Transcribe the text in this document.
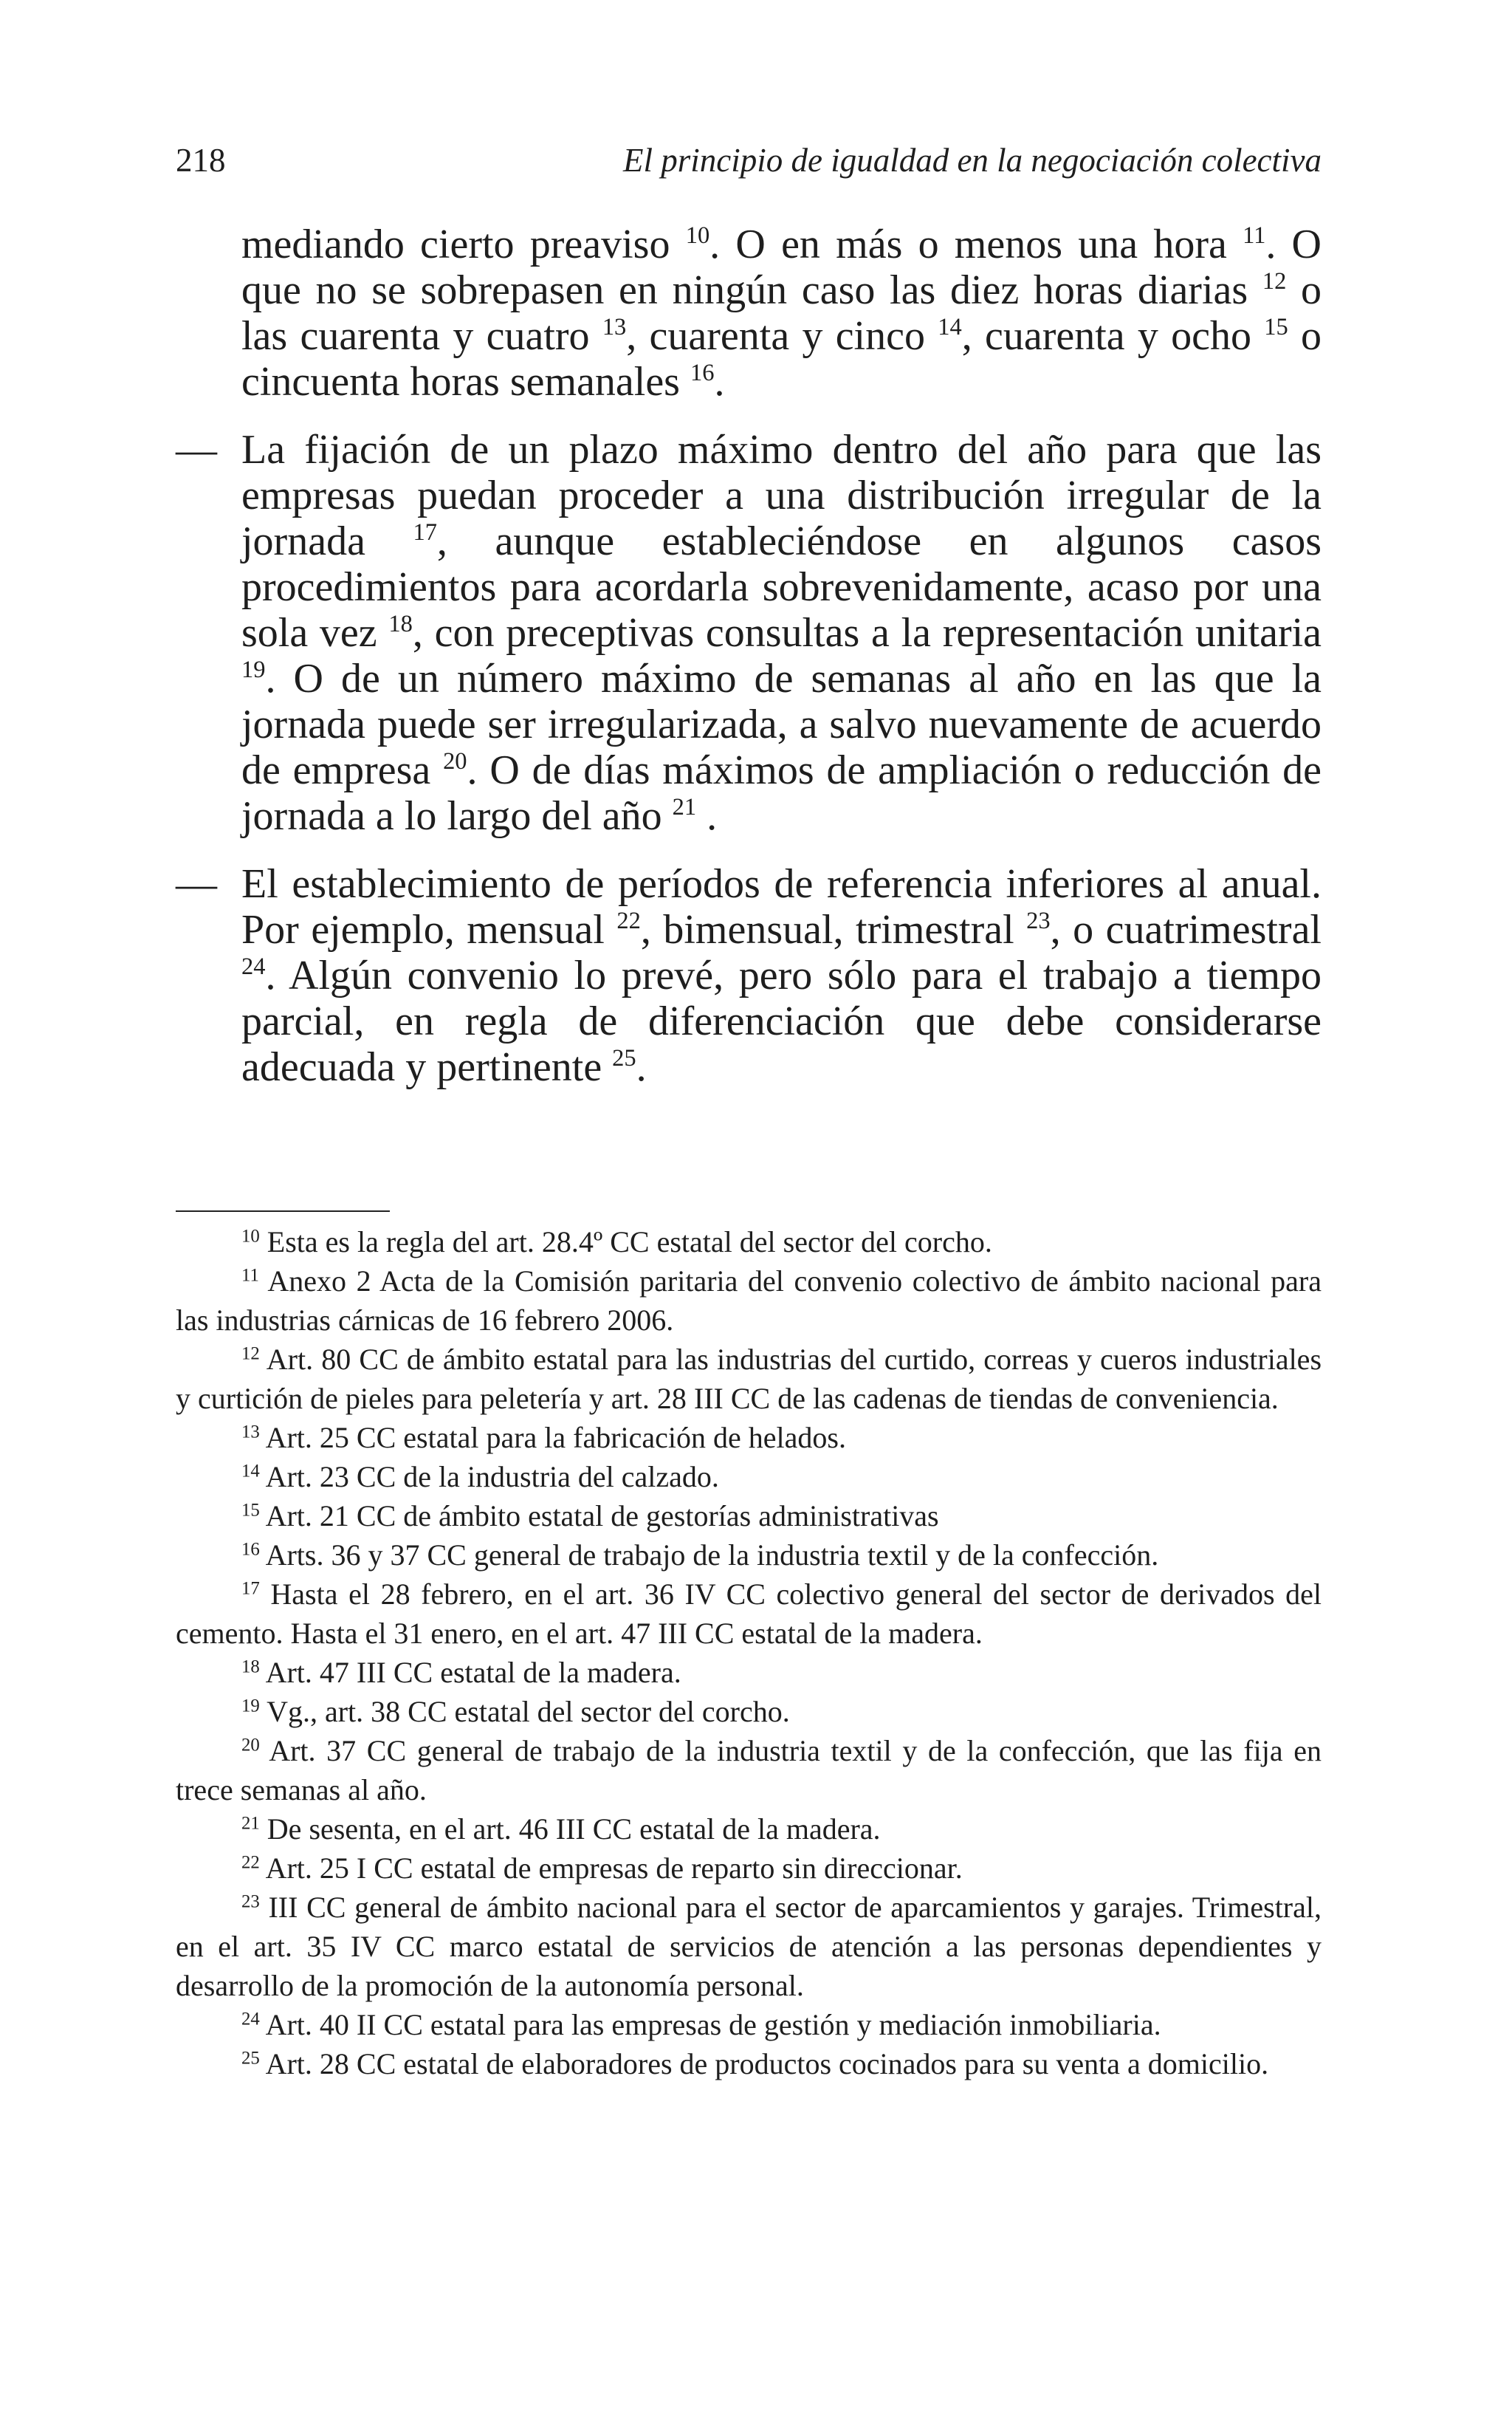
218	El principio de igualdad en la negociación colectiva

mediando cierto preaviso $^{10}$. O en más o menos una hora $^{11}$. O que no se sobrepasen en ningún caso las diez horas diarias $^{12}$ o las cuarenta y cuatro $^{13}$, cuarenta y cinco $^{14}$, cuarenta y ocho $^{15}$ o cincuenta horas semanales $^{16}$.

— La fijación de un plazo máximo dentro del año para que las empresas puedan proceder a una distribución irregular de la jornada $^{17}$, aunque estableciéndose en algunos casos procedimientos para acordarla sobrevenidamente, acaso por una sola vez $^{18}$, con preceptivas consultas a la representación unitaria $^{19}$. O de un número máximo de semanas al año en las que la jornada puede ser irregularizada, a salvo nuevamente de acuerdo de empresa $^{20}$. O de días máximos de ampliación o reducción de jornada a lo largo del año $^{21}$ .

— El establecimiento de períodos de referencia inferiores al anual. Por ejemplo, mensual $^{22}$, bimensual, trimestral $^{23}$, o cuatrimestral $^{24}$. Algún convenio lo prevé, pero sólo para el trabajo a tiempo parcial, en regla de diferenciación que debe considerarse adecuada y pertinente $^{25}$.

$^{10}$ Esta es la regla del art. 28.4º CC estatal del sector del corcho.

$^{11}$ Anexo 2 Acta de la Comisión paritaria del convenio colectivo de ámbito nacional para las industrias cárnicas de 16 febrero 2006.

$^{12}$ Art. 80 CC de ámbito estatal para las industrias del curtido, correas y cueros industriales y curtición de pieles para peletería y art. 28 III CC de las cadenas de tiendas de conveniencia.

$^{13}$ Art. 25 CC estatal para la fabricación de helados.

$^{14}$ Art. 23 CC de la industria del calzado.

$^{15}$ Art. 21 CC de ámbito estatal de gestorías administrativas

$^{16}$ Arts. 36 y 37 CC general de trabajo de la industria textil y de la confección.

$^{17}$ Hasta el 28 febrero, en el art. 36 IV CC colectivo general del sector de derivados del cemento. Hasta el 31 enero, en el art. 47 III CC estatal de la madera.

$^{18}$ Art. 47 III CC estatal de la madera.

$^{19}$ Vg., art. 38 CC estatal del sector del corcho.

$^{20}$ Art. 37 CC general de trabajo de la industria textil y de la confección, que las fija en trece semanas al año.

$^{21}$ De sesenta, en el art. 46 III CC estatal de la madera.

$^{22}$ Art. 25 I CC estatal de empresas de reparto sin direccionar.

$^{23}$ III CC general de ámbito nacional para el sector de aparcamientos y garajes. Trimestral, en el art. 35 IV CC marco estatal de servicios de atención a las personas dependientes y desarrollo de la promoción de la autonomía personal.

$^{24}$ Art. 40 II CC estatal para las empresas de gestión y mediación inmobiliaria.

$^{25}$ Art. 28 CC estatal de elaboradores de productos cocinados para su venta a domicilio.
